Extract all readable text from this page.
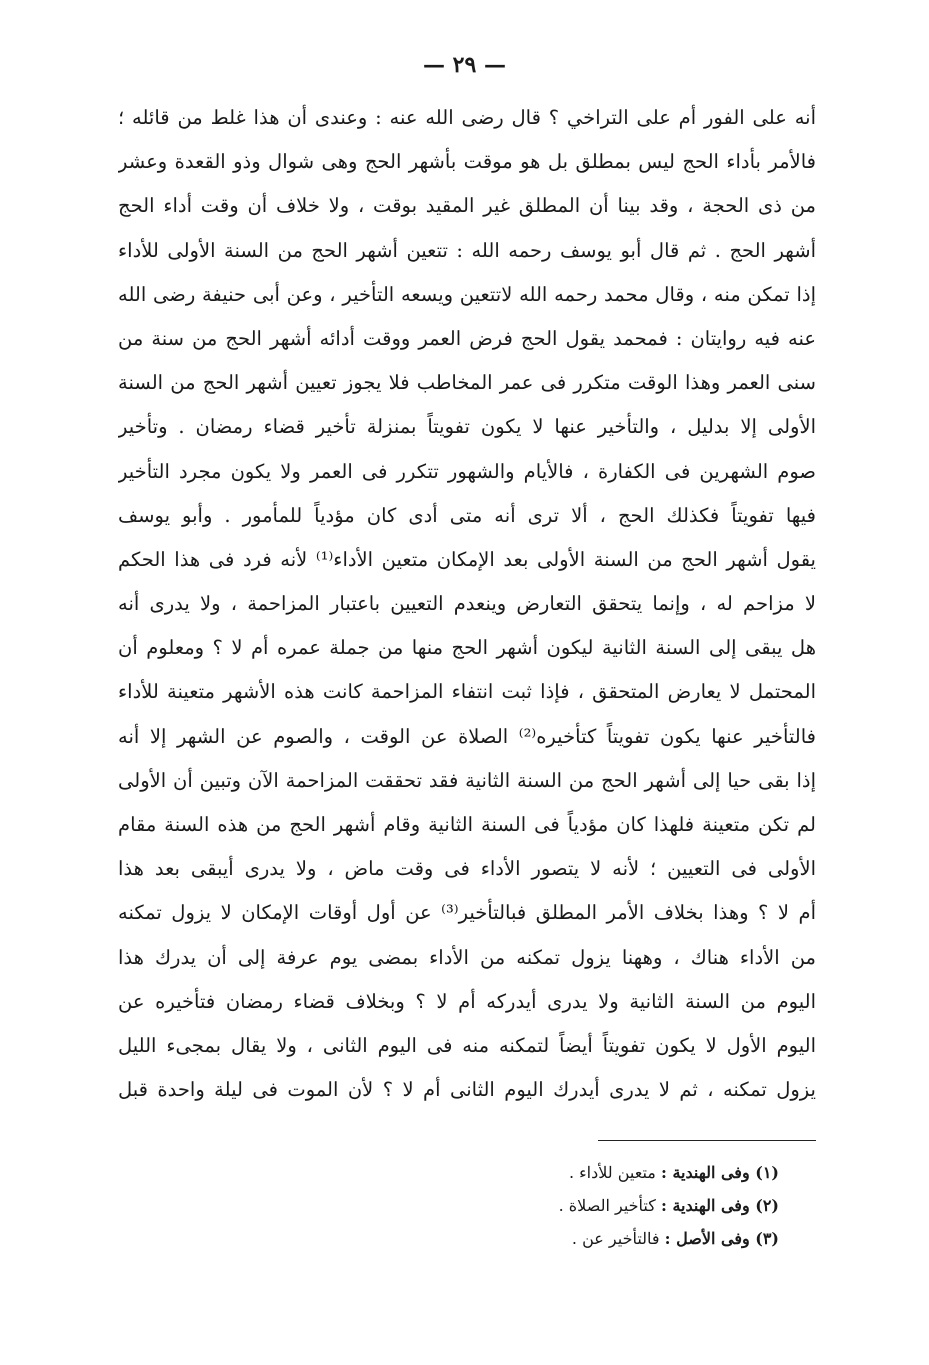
— ٢٩ —
أنه على الفور أم على التراخي ؟ قال رضى الله عنه : وعندى أن هذا غلط من قائله ؛
فالأمر بأداء الحج ليس بمطلق بل هو موقت بأشهر الحج وهى شوال وذو القعدة وعشر
من ذى الحجة ، وقد بينا أن المطلق غير المقيد بوقت ، ولا خلاف أن وقت أداء الحج
أشهر الحج . ثم قال أبو يوسف رحمه الله : تتعين أشهر الحج من السنة الأولى للأداء
إذا تمكن منه ، وقال محمد رحمه الله لاتتعين ويسعه التأخير ، وعن أبى حنيفة رضى الله
عنه فيه روايتان : فمحمد يقول الحج فرض العمر ووقت أدائه أشهر الحج من سنة من
سنى العمر وهذا الوقت متكرر فى عمر المخاطب فلا يجوز تعيين أشهر الحج من السنة
الأولى إلا بدليل ، والتأخير عنها لا يكون تفويتاً بمنزلة تأخير قضاء رمضان . وتأخير
صوم الشهرين فى الكفارة ، فالأيام والشهور تتكرر فى العمر ولا يكون مجرد التأخير
فيها تفويتاً فكذلك الحج ، ألا ترى أنه متى أدى كان مؤدياً للمأمور . وأبو يوسف
يقول أشهر الحج من السنة الأولى بعد الإمكان متعين الأداء⁽¹⁾ لأنه فرد فى هذا الحكم
لا مزاحم له ، وإنما يتحقق التعارض وينعدم التعيين باعتبار المزاحمة ، ولا يدرى أنه
هل يبقى إلى السنة الثانية ليكون أشهر الحج منها من جملة عمره أم لا ؟ ومعلوم أن
المحتمل لا يعارض المتحقق ، فإذا ثبت انتفاء المزاحمة كانت هذه الأشهر متعينة للأداء
فالتأخير عنها يكون تفويتاً كتأخيره⁽²⁾ الصلاة عن الوقت ، والصوم عن الشهر إلا أنه
إذا بقى حيا إلى أشهر الحج من السنة الثانية فقد تحققت المزاحمة الآن وتبين أن الأولى
لم تكن متعينة فلهذا كان مؤدياً فى السنة الثانية وقام أشهر الحج من هذه السنة مقام
الأولى فى التعيين ؛ لأنه لا يتصور الأداء فى وقت ماض ، ولا يدرى أيبقى بعد هذا
أم لا ؟ وهذا بخلاف الأمر المطلق فبالتأخير⁽³⁾ عن أول أوقات الإمكان لا يزول تمكنه
من الأداء هناك ، وههنا يزول تمكنه من الأداء بمضى يوم عرفة إلى أن يدرك هذا
اليوم من السنة الثانية ولا يدرى أيدركه أم لا ؟ وبخلاف قضاء رمضان فتأخيره عن
اليوم الأول لا يكون تفويتاً أيضاً لتمكنه منه فى اليوم الثانى ، ولا يقال بمجىء الليل
يزول تمكنه ، ثم لا يدرى أيدرك اليوم الثانى أم لا ؟ لأن الموت فى ليلة واحدة قبل
(١) وفى الهندية : متعين للأداء .
(٢) وفى الهندية : كتأخير الصلاة .
(٣) وفى الأصل : فالتأخير عن .
